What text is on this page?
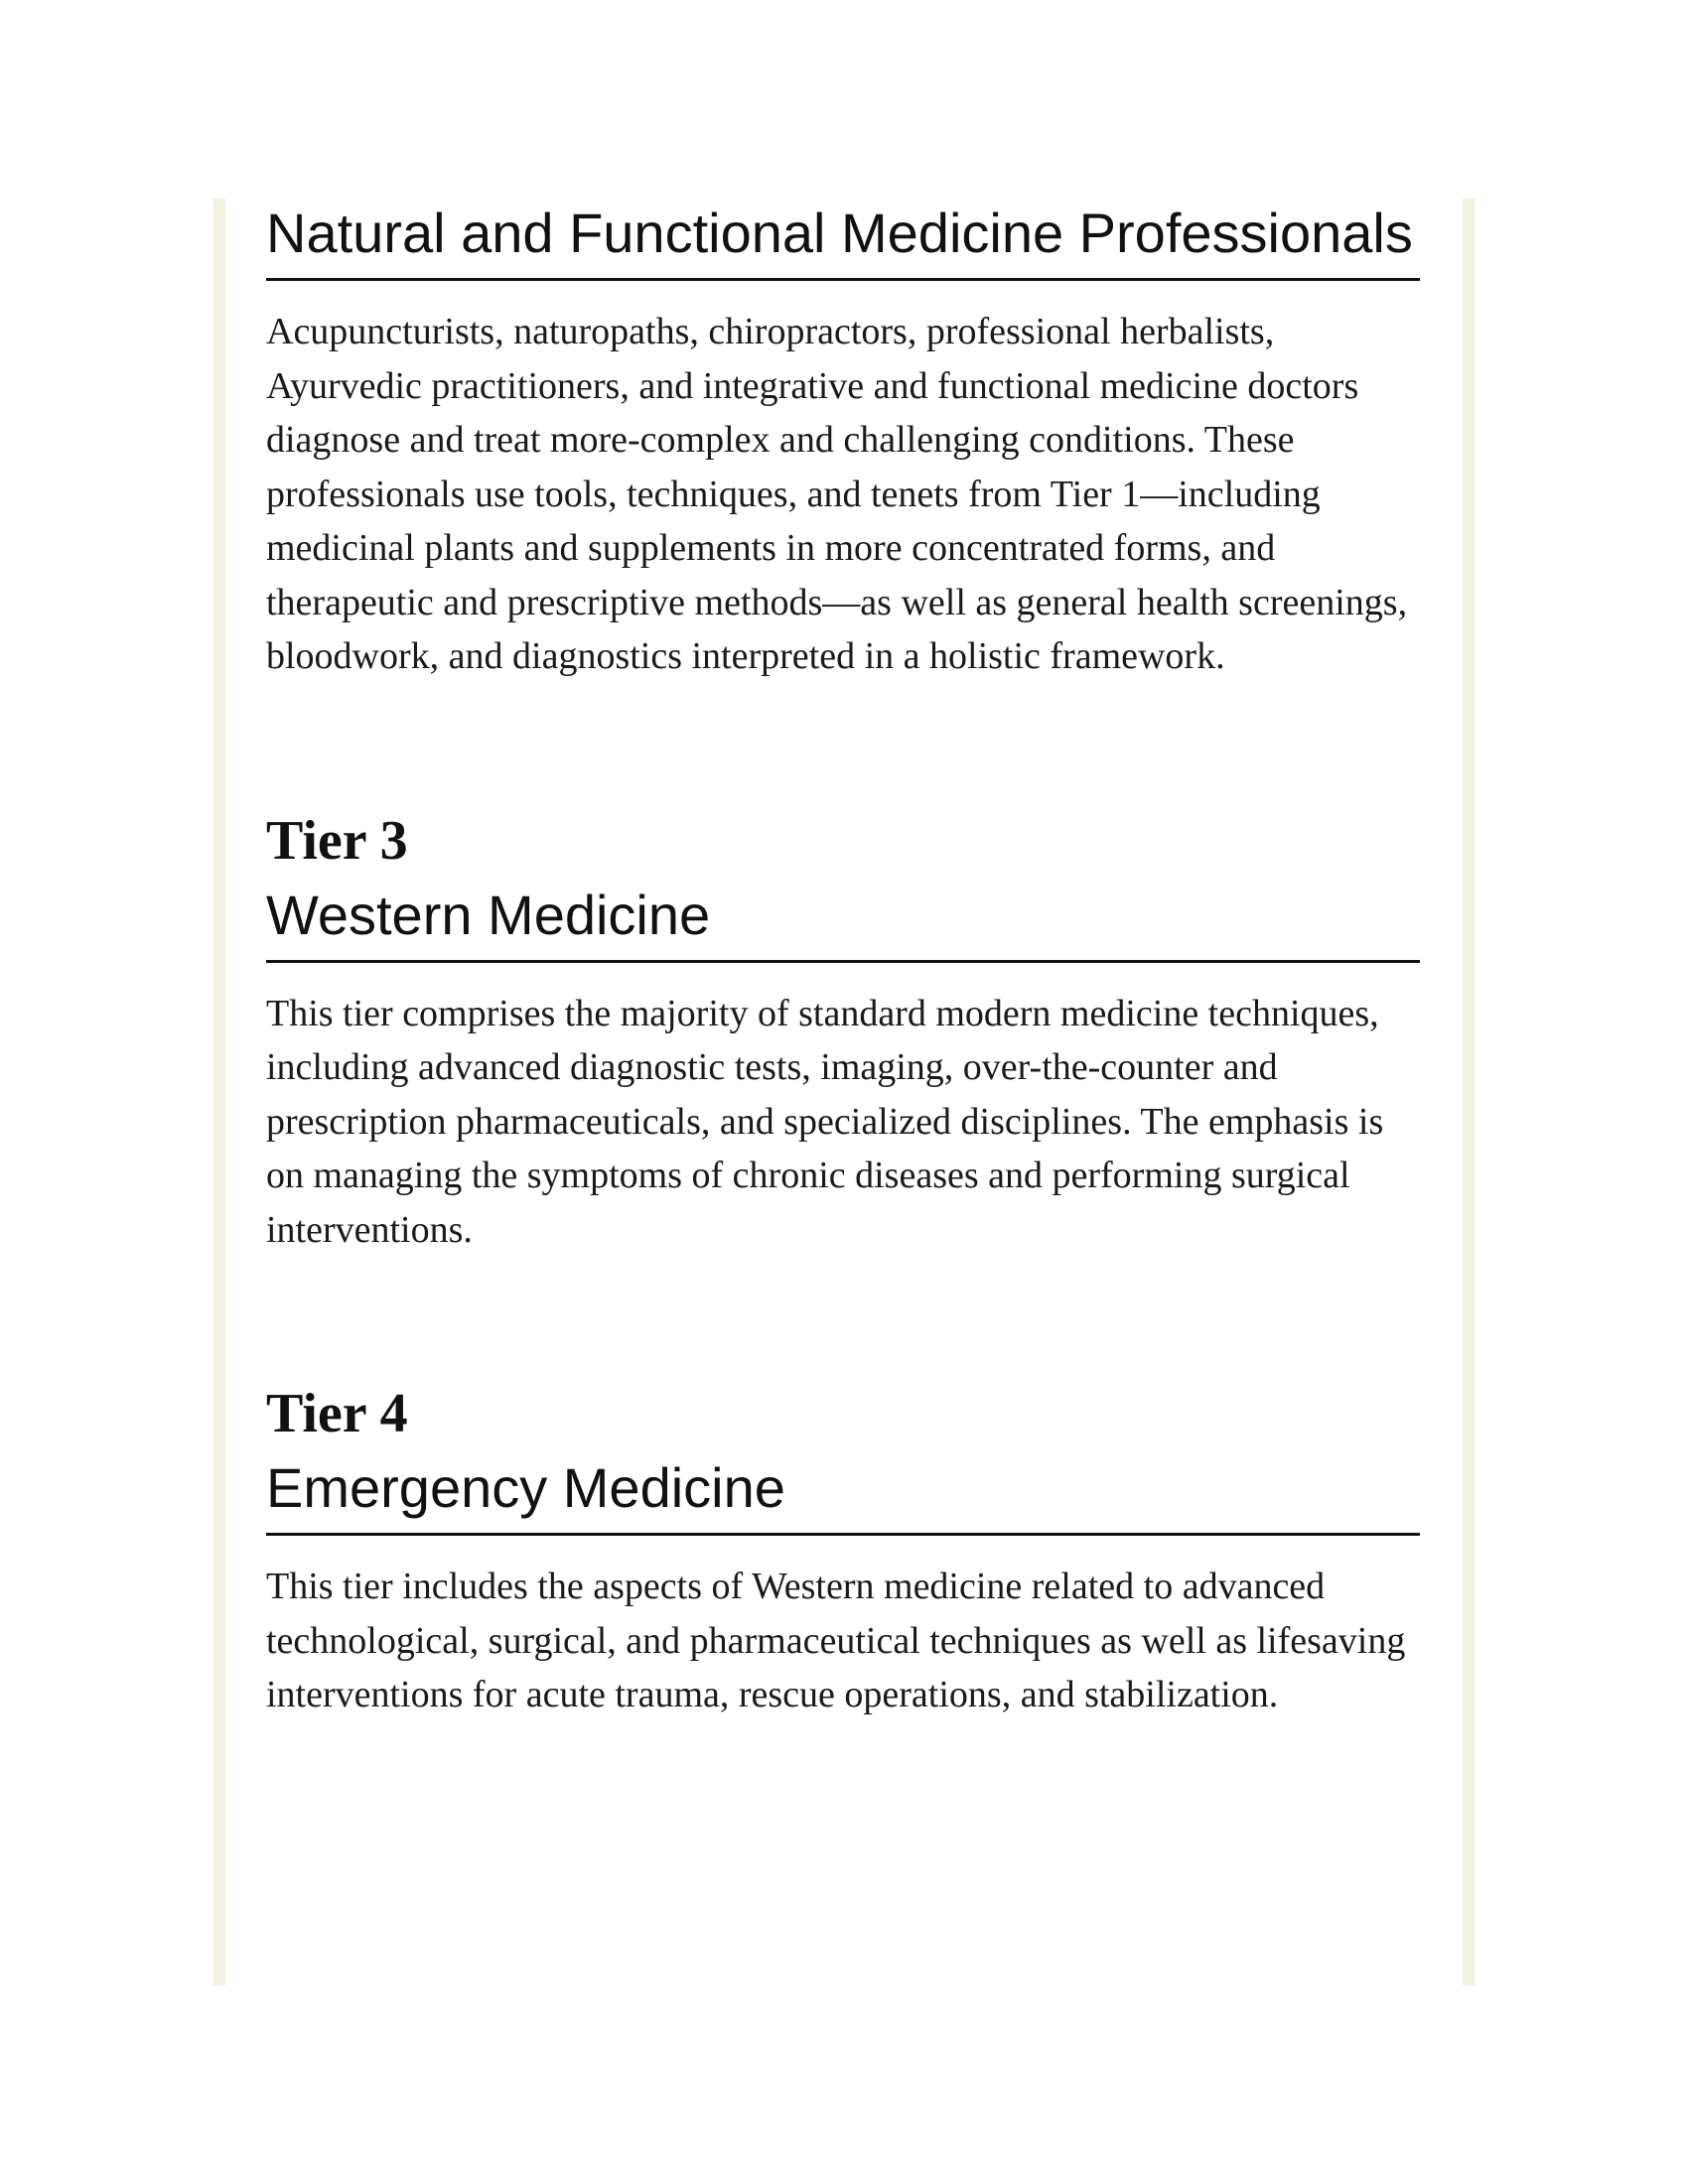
Natural and Functional Medicine Professionals

Acupuncturists, naturopaths, chiropractors, professional herbalists, Ayurvedic practitioners, and integrative and functional medicine doctors diagnose and treat more-complex and challenging conditions. These professionals use tools, techniques, and tenets from Tier 1—including medicinal plants and supplements in more concentrated forms, and therapeutic and prescriptive methods—as well as general health screenings, bloodwork, and diagnostics interpreted in a holistic framework.

Tier 3
Western Medicine

This tier comprises the majority of standard modern medicine techniques, including advanced diagnostic tests, imaging, over-the-counter and prescription pharmaceuticals, and specialized disciplines. The emphasis is on managing the symptoms of chronic diseases and performing surgical interventions.

Tier 4
Emergency Medicine

This tier includes the aspects of Western medicine related to advanced technological, surgical, and pharmaceutical techniques as well as lifesaving interventions for acute trauma, rescue operations, and stabilization.
